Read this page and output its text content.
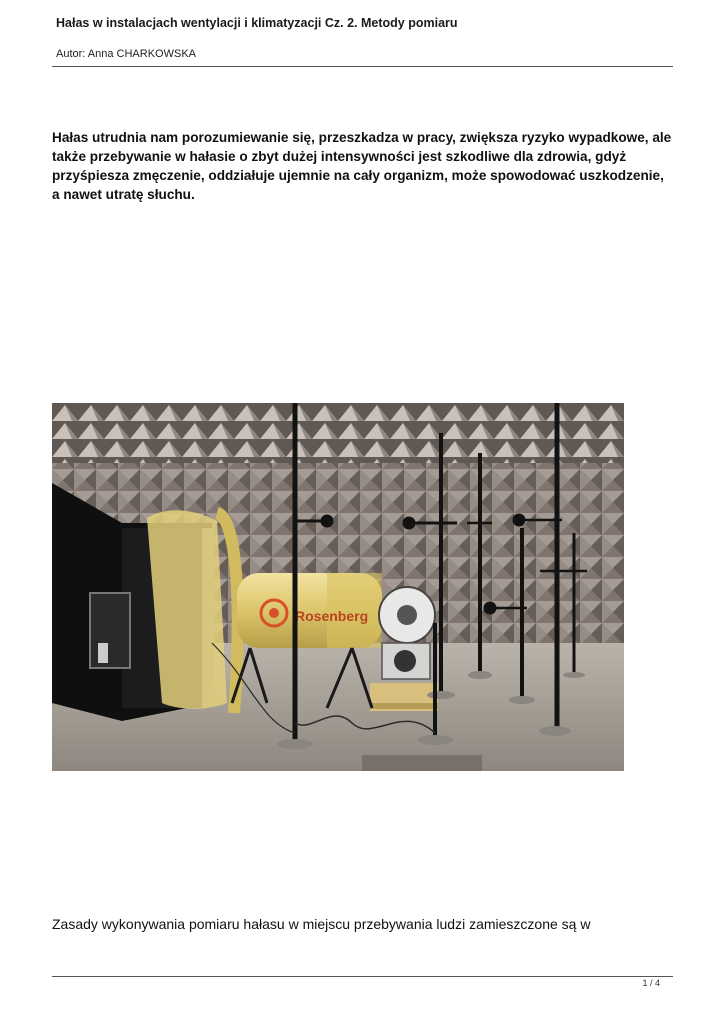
Hałas w instalacjach wentylacji i klimatyzacji Cz. 2. Metody pomiaru
Autor: Anna CHARKOWSKA

Hałas utrudnia nam porozumiewanie się, przeszkadza w pracy, zwiększa ryzyko wypadkowe, ale także przebywanie w hałasie o zbyt dużej intensywności jest szkodliwe dla zdrowia, gdyż przyśpiesza zmęczenie, oddziałuje ujemnie na cały organizm, może spowodować uszkodzenie, a nawet utratę słuchu.

Rosenberg

Zasady wykonywania pomiaru hałasu w miejscu przebywania ludzi zamieszczone są w

1 / 4
